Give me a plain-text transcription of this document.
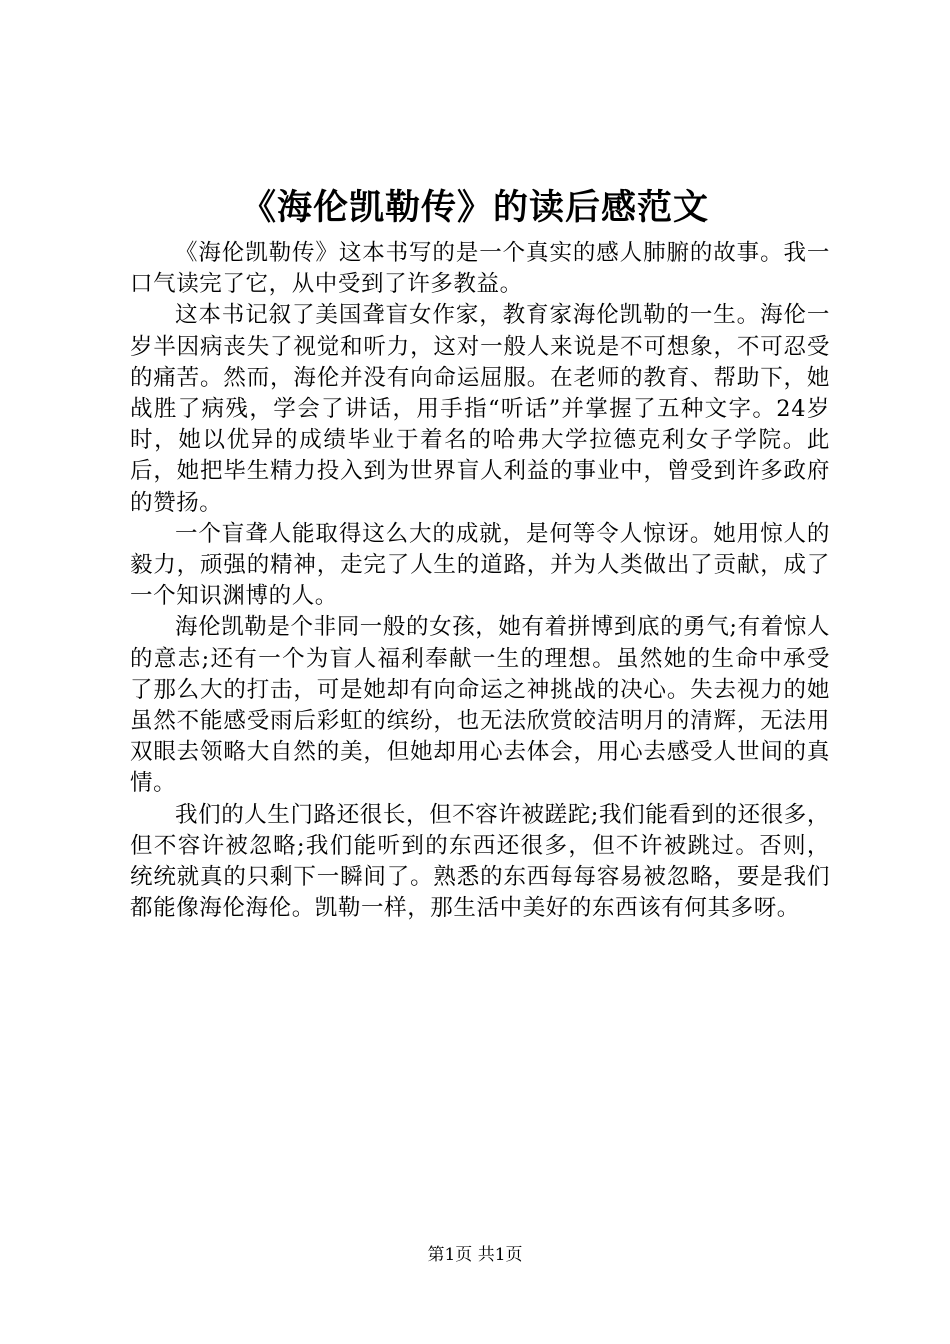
《海伦凯勒传》的读后感范文

《海伦凯勒传》这本书写的是一个真实的感人肺腑的故事。我一口气读完了它，从中受到了许多教益。

这本书记叙了美国聋盲女作家，教育家海伦凯勒的一生。海伦一岁半因病丧失了视觉和听力，这对一般人来说是不可想象，不可忍受的痛苦。然而，海伦并没有向命运屈服。在老师的教育、帮助下，她战胜了病残，学会了讲话，用手指“听话”并掌握了五种文字。24岁时，她以优异的成绩毕业于着名的哈弗大学拉德克利女子学院。此后，她把毕生精力投入到为世界盲人利益的事业中，曾受到许多政府的赞扬。

一个盲聋人能取得这么大的成就，是何等令人惊讶。她用惊人的毅力，顽强的精神，走完了人生的道路，并为人类做出了贡献，成了一个知识渊博的人。

海伦凯勒是个非同一般的女孩，她有着拼博到底的勇气;有着惊人的意志;还有一个为盲人福利奉献一生的理想。虽然她的生命中承受了那么大的打击，可是她却有向命运之神挑战的决心。失去视力的她虽然不能感受雨后彩虹的缤纷，也无法欣赏皎洁明月的清辉，无法用双眼去领略大自然的美，但她却用心去体会，用心去感受人世间的真情。

我们的人生门路还很长，但不容许被蹉跎;我们能看到的还很多，但不容许被忽略;我们能听到的东西还很多，但不许被跳过。否则，统统就真的只剩下一瞬间了。熟悉的东西每每容易被忽略，要是我们都能像海伦海伦。凯勒一样，那生活中美好的东西该有何其多呀。

第1页 共1页
